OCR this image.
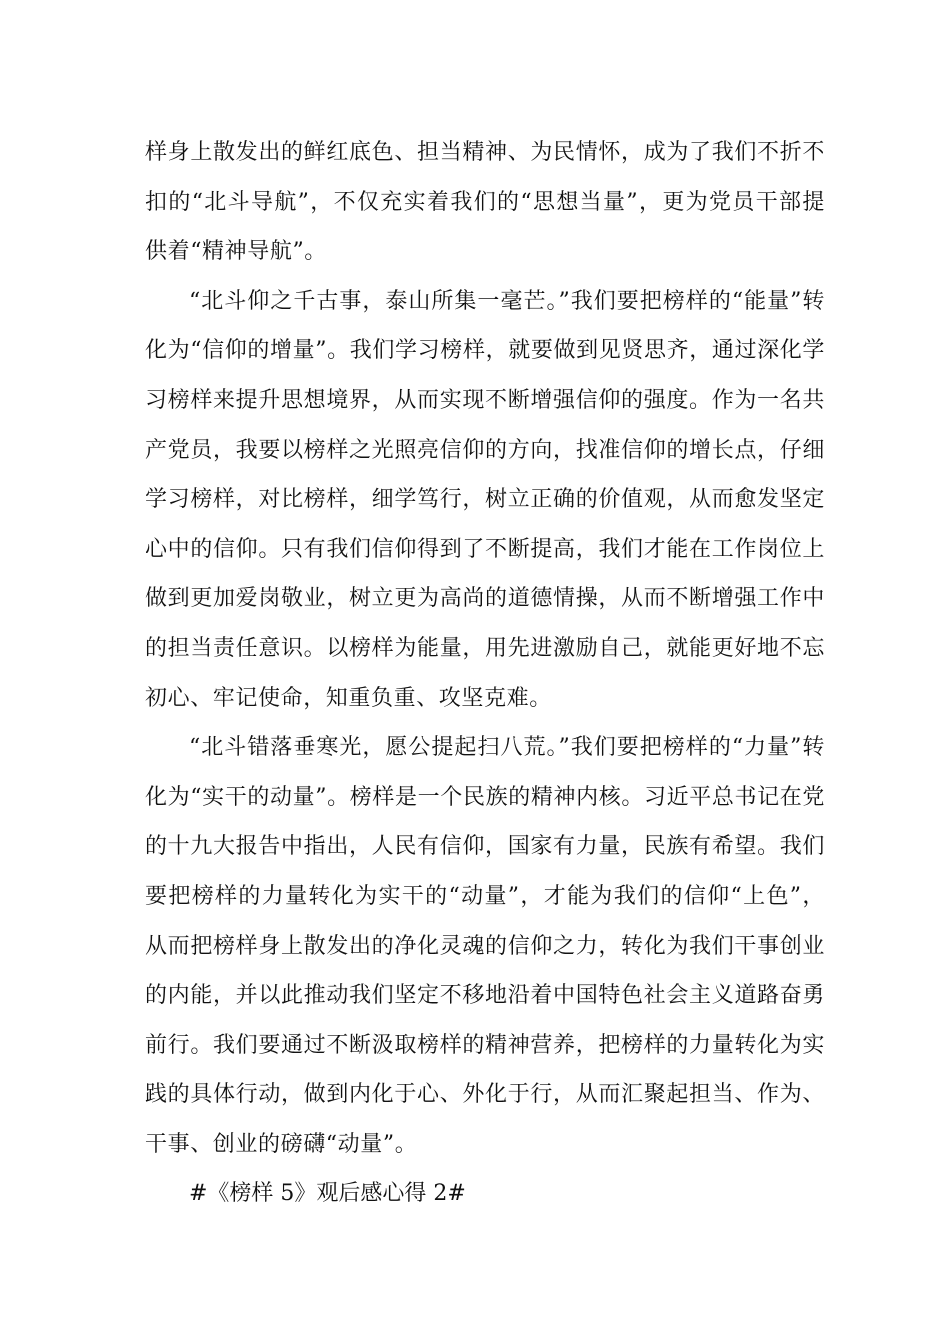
样身上散发出的鲜红底色、担当精神、为民情怀，成为了我们不折不扣的“北斗导航”，不仅充实着我们的“思想当量”，更为党员干部提供着“精神导航”。

“北斗仰之千古事，泰山所集一毫芒。”我们要把榜样的“能量”转化为“信仰的增量”。我们学习榜样，就要做到见贤思齐，通过深化学习榜样来提升思想境界，从而实现不断增强信仰的强度。作为一名共产党员，我要以榜样之光照亮信仰的方向，找准信仰的增长点，仔细学习榜样，对比榜样，细学笃行，树立正确的价值观，从而愈发坚定心中的信仰。只有我们信仰得到了不断提高，我们才能在工作岗位上做到更加爱岗敬业，树立更为高尚的道德情操，从而不断增强工作中的担当责任意识。以榜样为能量，用先进激励自己，就能更好地不忘初心、牢记使命，知重负重、攻坚克难。

“北斗错落垂寒光，愿公提起扫八荒。”我们要把榜样的“力量”转化为“实干的动量”。榜样是一个民族的精神内核。习近平总书记在党的十九大报告中指出，人民有信仰，国家有力量，民族有希望。我们要把榜样的力量转化为实干的“动量”，才能为我们的信仰“上色”，从而把榜样身上散发出的净化灵魂的信仰之力，转化为我们干事创业的内能，并以此推动我们坚定不移地沿着中国特色社会主义道路奋勇前行。我们要通过不断汲取榜样的精神营养，把榜样的力量转化为实践的具体行动，做到内化于心、外化于行，从而汇聚起担当、作为、干事、创业的磅礴“动量”。

#《榜样 5》观后感心得 2#
